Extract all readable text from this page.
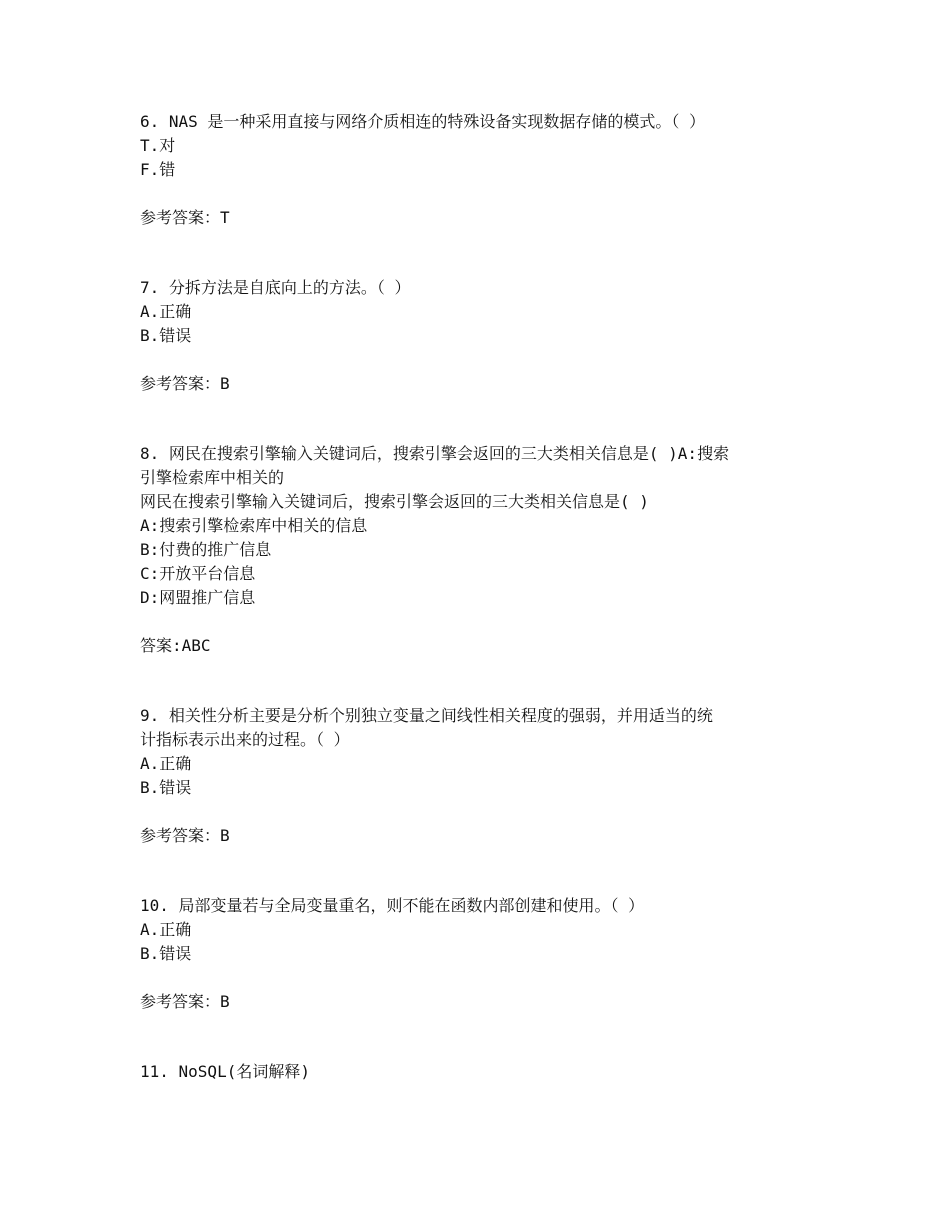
6. NAS 是一种采用直接与网络介质相连的特殊设备实现数据存储的模式。（ ）
T.对
F.错
参考答案：T
7. 分拆方法是自底向上的方法。（ ）
A.正确
B.错误
参考答案：B
8. 网民在搜索引擎输入关键词后，搜索引擎会返回的三大类相关信息是( )A:搜索
引擎检索库中相关的
网民在搜索引擎输入关键词后，搜索引擎会返回的三大类相关信息是( )
A:搜索引擎检索库中相关的信息
B:付费的推广信息
C:开放平台信息
D:网盟推广信息
答案:ABC
9. 相关性分析主要是分析个别独立变量之间线性相关程度的强弱，并用适当的统
计指标表示出来的过程。（ ）
A.正确
B.错误
参考答案：B
10. 局部变量若与全局变量重名，则不能在函数内部创建和使用。（ ）
A.正确
B.错误
参考答案：B
11. NoSQL(名词解释)
